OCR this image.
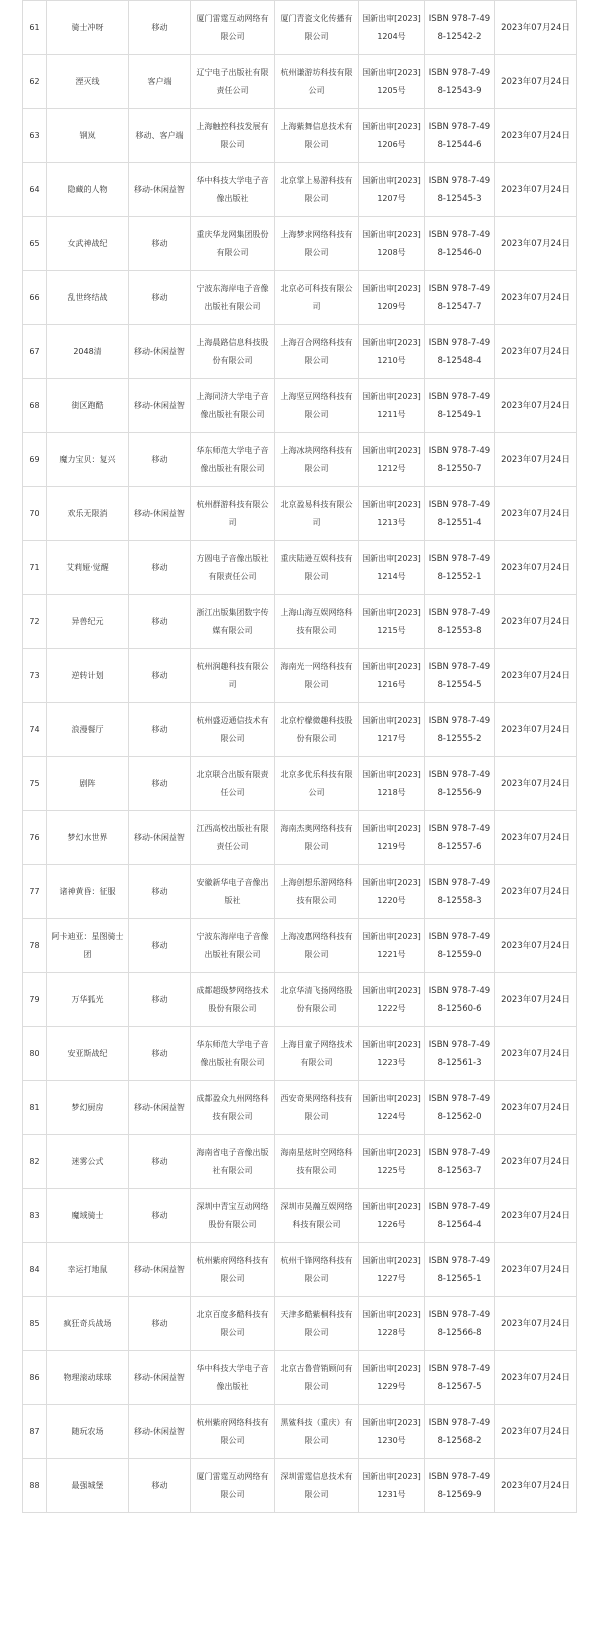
61	骑士冲呀	移动	厦门雷霆互动网络有限公司	厦门青瓷文化传播有限公司	国新出审[2023]1204号	ISBN 978-7-498-12542-2	2023年07月24日
62	湮灭线	客户端	辽宁电子出版社有限责任公司	杭州谦游坊科技有限公司	国新出审[2023]1205号	ISBN 978-7-498-12543-9	2023年07月24日
63	钢岚	移动、客户端	上海触控科技发展有限公司	上海紫舞信息技术有限公司	国新出审[2023]1206号	ISBN 978-7-498-12544-6	2023年07月24日
64	隐藏的人物	移动-休闲益智	华中科技大学电子音像出版社	北京掌上易游科技有限公司	国新出审[2023]1207号	ISBN 978-7-498-12545-3	2023年07月24日
65	女武神战纪	移动	重庆华龙网集团股份有限公司	上海梦求网络科技有限公司	国新出审[2023]1208号	ISBN 978-7-498-12546-0	2023年07月24日
66	乱世终结战	移动	宁波东海岸电子音像出版社有限公司	北京必可科技有限公司	国新出审[2023]1209号	ISBN 978-7-498-12547-7	2023年07月24日
67	2048清	移动-休闲益智	上海晨路信息科技股份有限公司	上海召合网络科技有限公司	国新出审[2023]1210号	ISBN 978-7-498-12548-4	2023年07月24日
68	街区跑酷	移动-休闲益智	上海同济大学电子音像出版社有限公司	上海坚豆网络科技有限公司	国新出审[2023]1211号	ISBN 978-7-498-12549-1	2023年07月24日
69	魔力宝贝：复兴	移动	华东师范大学电子音像出版社有限公司	上海冰块网络科技有限公司	国新出审[2023]1212号	ISBN 978-7-498-12550-7	2023年07月24日
70	欢乐无限消	移动-休闲益智	杭州群游科技有限公司	北京盈易科技有限公司	国新出审[2023]1213号	ISBN 978-7-498-12551-4	2023年07月24日
71	艾莉娅·觉醒	移动	方圆电子音像出版社有限责任公司	重庆陆逊互娱科技有限公司	国新出审[2023]1214号	ISBN 978-7-498-12552-1	2023年07月24日
72	异兽纪元	移动	浙江出版集团数字传媒有限公司	上海山海互娱网络科技有限公司	国新出审[2023]1215号	ISBN 978-7-498-12553-8	2023年07月24日
73	逆转计划	移动	杭州润趣科技有限公司	海南光一网络科技有限公司	国新出审[2023]1216号	ISBN 978-7-498-12554-5	2023年07月24日
74	浪漫餐厅	移动	杭州盛迈通信技术有限公司	北京柠檬微趣科技股份有限公司	国新出审[2023]1217号	ISBN 978-7-498-12555-2	2023年07月24日
75	剧阵	移动	北京联合出版有限责任公司	北京多优乐科技有限公司	国新出审[2023]1218号	ISBN 978-7-498-12556-9	2023年07月24日
76	梦幻水世界	移动-休闲益智	江西高校出版社有限责任公司	海南杰奥网络科技有限公司	国新出审[2023]1219号	ISBN 978-7-498-12557-6	2023年07月24日
77	诸神黄昏：征服	移动	安徽新华电子音像出版社	上海创想乐游网络科技有限公司	国新出审[2023]1220号	ISBN 978-7-498-12558-3	2023年07月24日
78	阿卡迪亚：星图骑士团	移动	宁波东海岸电子音像出版社有限公司	上海凌惠网络科技有限公司	国新出审[2023]1221号	ISBN 978-7-498-12559-0	2023年07月24日
79	万华狐光	移动	成都超级梦网络技术股份有限公司	北京华清飞扬网络股份有限公司	国新出审[2023]1222号	ISBN 978-7-498-12560-6	2023年07月24日
80	安亚斯战纪	移动	华东师范大学电子音像出版社有限公司	上海目童子网络技术有限公司	国新出审[2023]1223号	ISBN 978-7-498-12561-3	2023年07月24日
81	梦幻厨房	移动-休闲益智	成都盈众九州网络科技有限公司	西安奇果网络科技有限公司	国新出审[2023]1224号	ISBN 978-7-498-12562-0	2023年07月24日
82	迷雾公式	移动	海南省电子音像出版社有限公司	海南星炫时空网络科技有限公司	国新出审[2023]1225号	ISBN 978-7-498-12563-7	2023年07月24日
83	魔域骑士	移动	深圳中青宝互动网络股份有限公司	深圳市昊瀚互娱网络科技有限公司	国新出审[2023]1226号	ISBN 978-7-498-12564-4	2023年07月24日
84	幸运打地鼠	移动-休闲益智	杭州紫府网络科技有限公司	杭州千锋网络科技有限公司	国新出审[2023]1227号	ISBN 978-7-498-12565-1	2023年07月24日
85	疯狂奇兵战场	移动	北京百度多酷科技有限公司	天津多酷紫桐科技有限公司	国新出审[2023]1228号	ISBN 978-7-498-12566-8	2023年07月24日
86	物理滚动球球	移动-休闲益智	华中科技大学电子音像出版社	北京古鲁营销顾问有限公司	国新出审[2023]1229号	ISBN 978-7-498-12567-5	2023年07月24日
87	随玩农场	移动-休闲益智	杭州紫府网络科技有限公司	黑鲨科技（重庆）有限公司	国新出审[2023]1230号	ISBN 978-7-498-12568-2	2023年07月24日
88	最强城堡	移动	厦门雷霆互动网络有限公司	深圳雷霆信息技术有限公司	国新出审[2023]1231号	ISBN 978-7-498-12569-9	2023年07月24日
